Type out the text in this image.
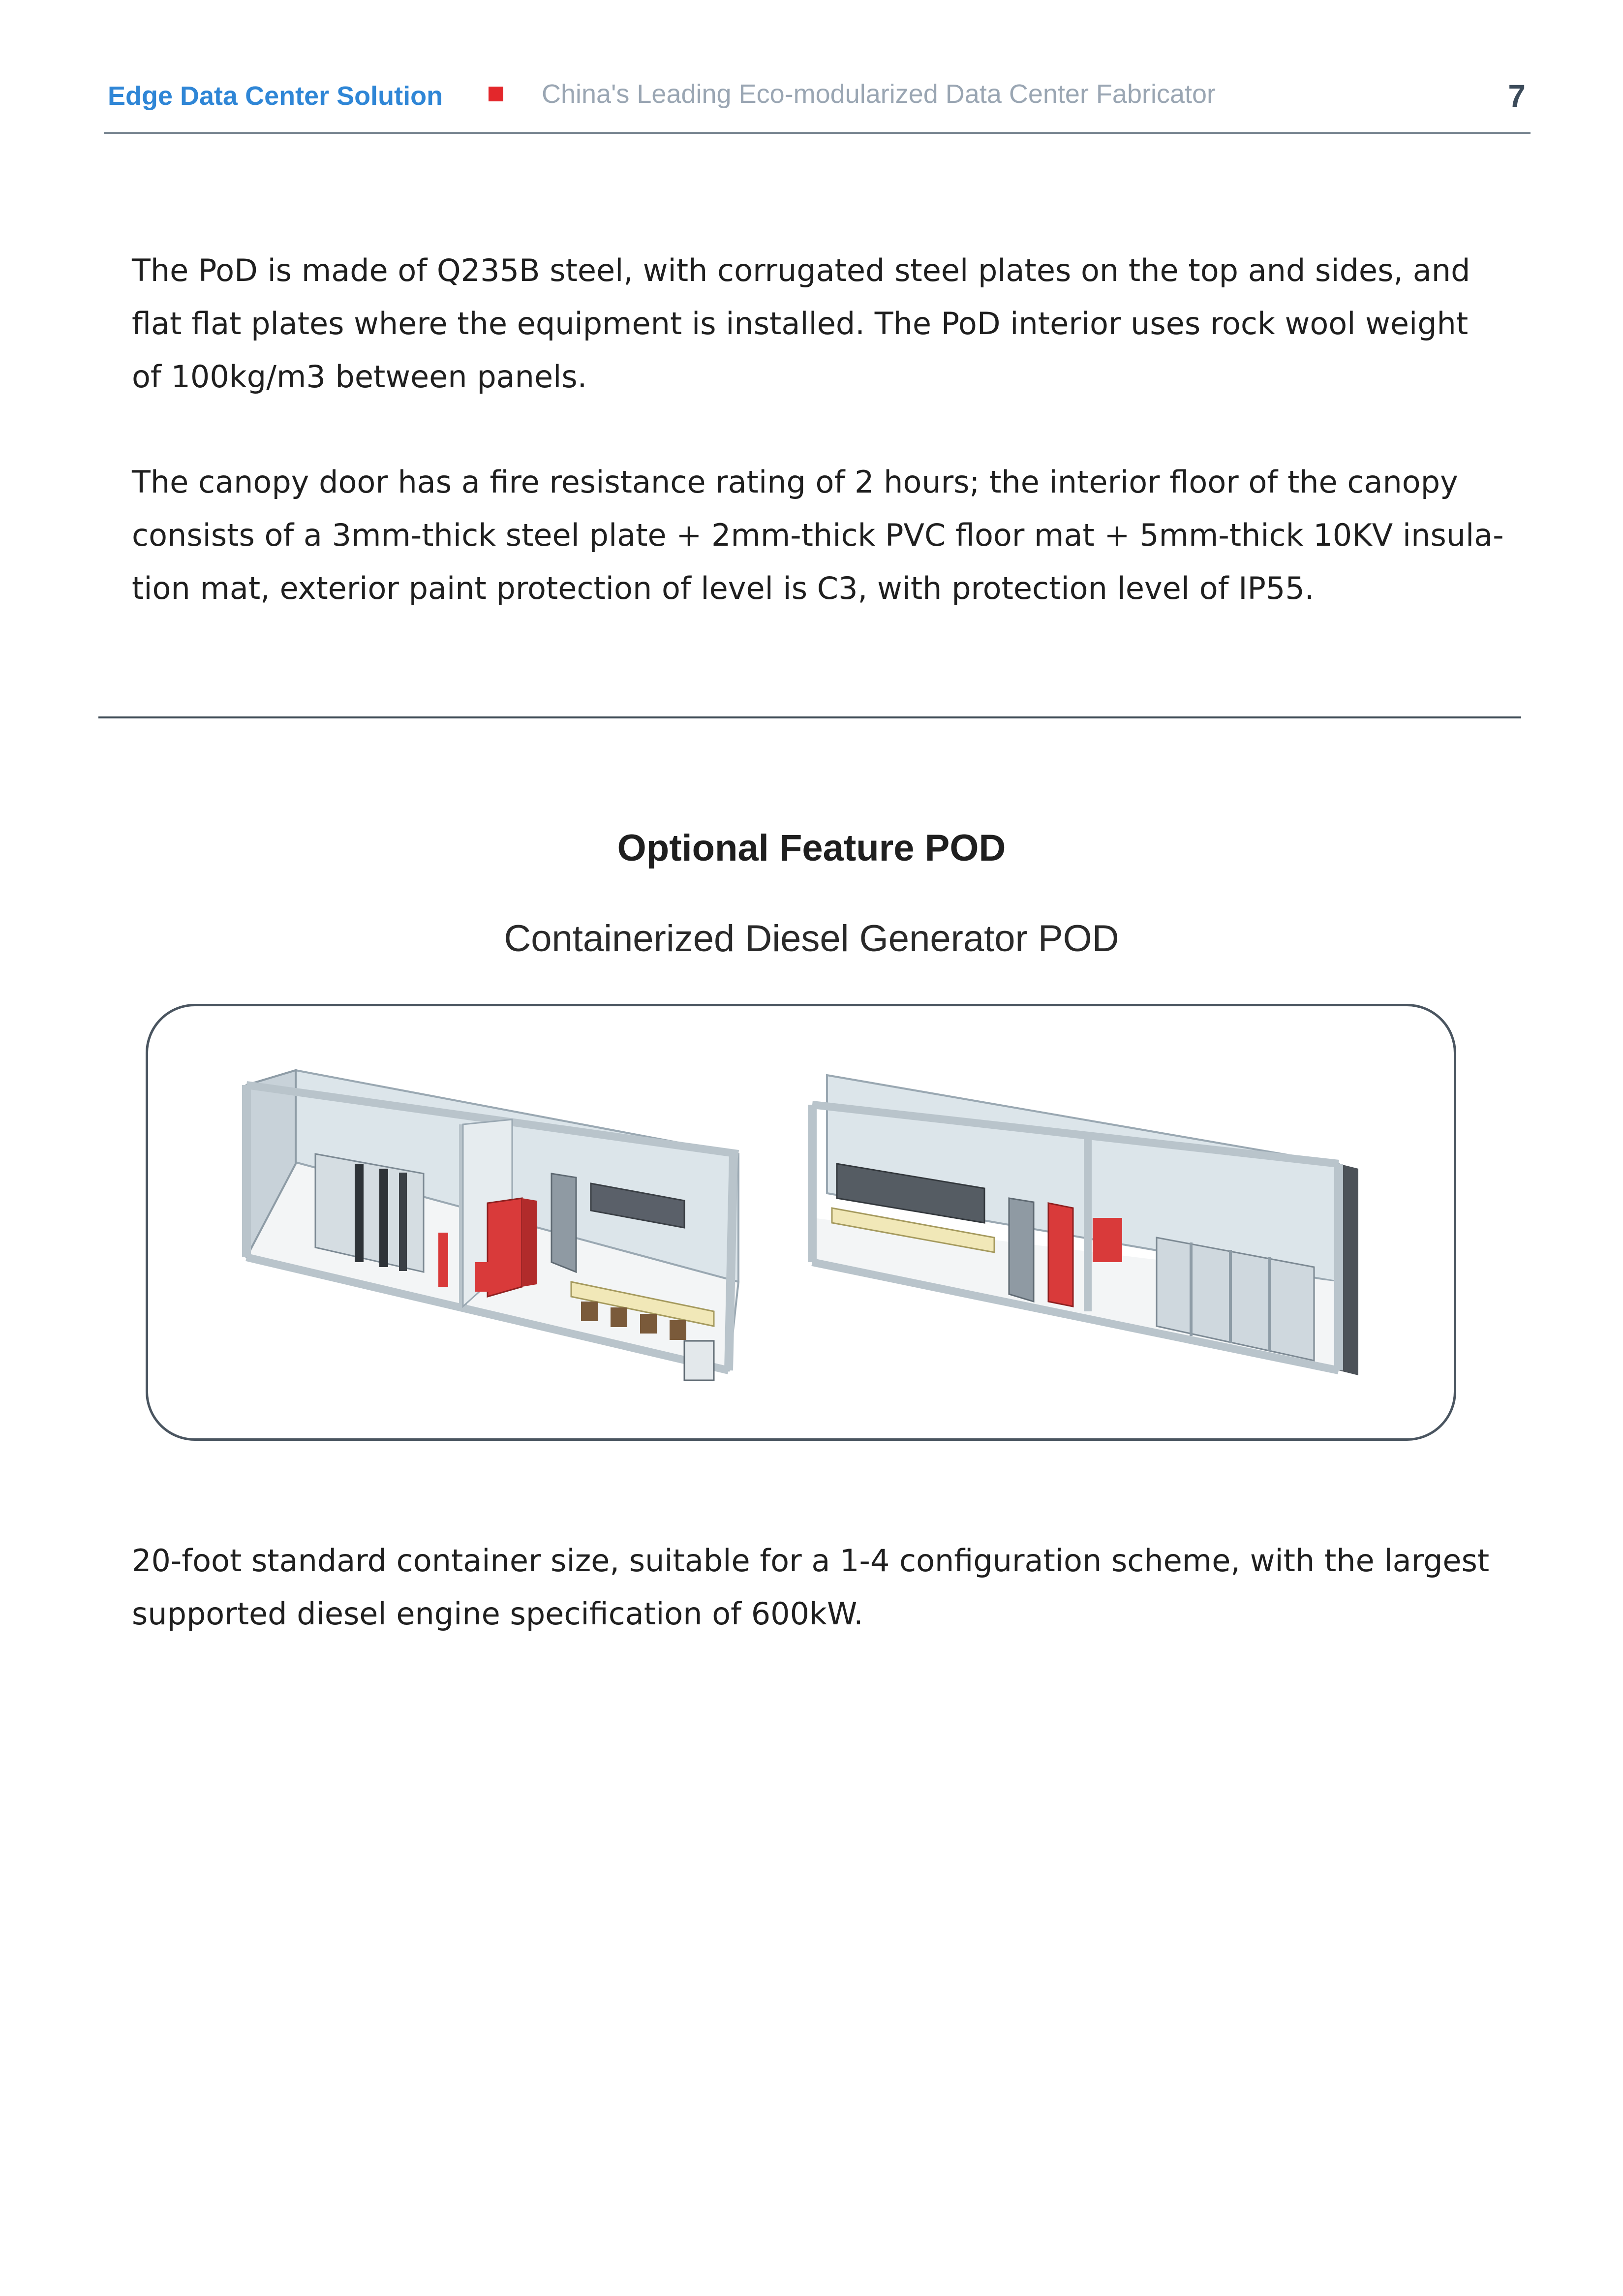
Edge Data Center Solution	China's Leading Eco-modularized Data Center Fabricator	7

The PoD is made of Q235B steel, with corrugated steel plates on the top and sides, and flat flat plates where the equipment is installed. The PoD interior uses rock wool weight of 100kg/m3 between panels.

The canopy door has a fire resistance rating of 2 hours; the interior floor of the canopy consists of a 3mm-thick steel plate + 2mm-thick PVC floor mat + 5mm-thick 10KV insula-tion mat, exterior paint protection of level is C3, with protection level of IP55.

Optional Feature POD
Containerized Diesel Generator POD

20-foot standard container size, suitable for a 1-4 configuration scheme, with the largest supported diesel engine specification of 600kW.
